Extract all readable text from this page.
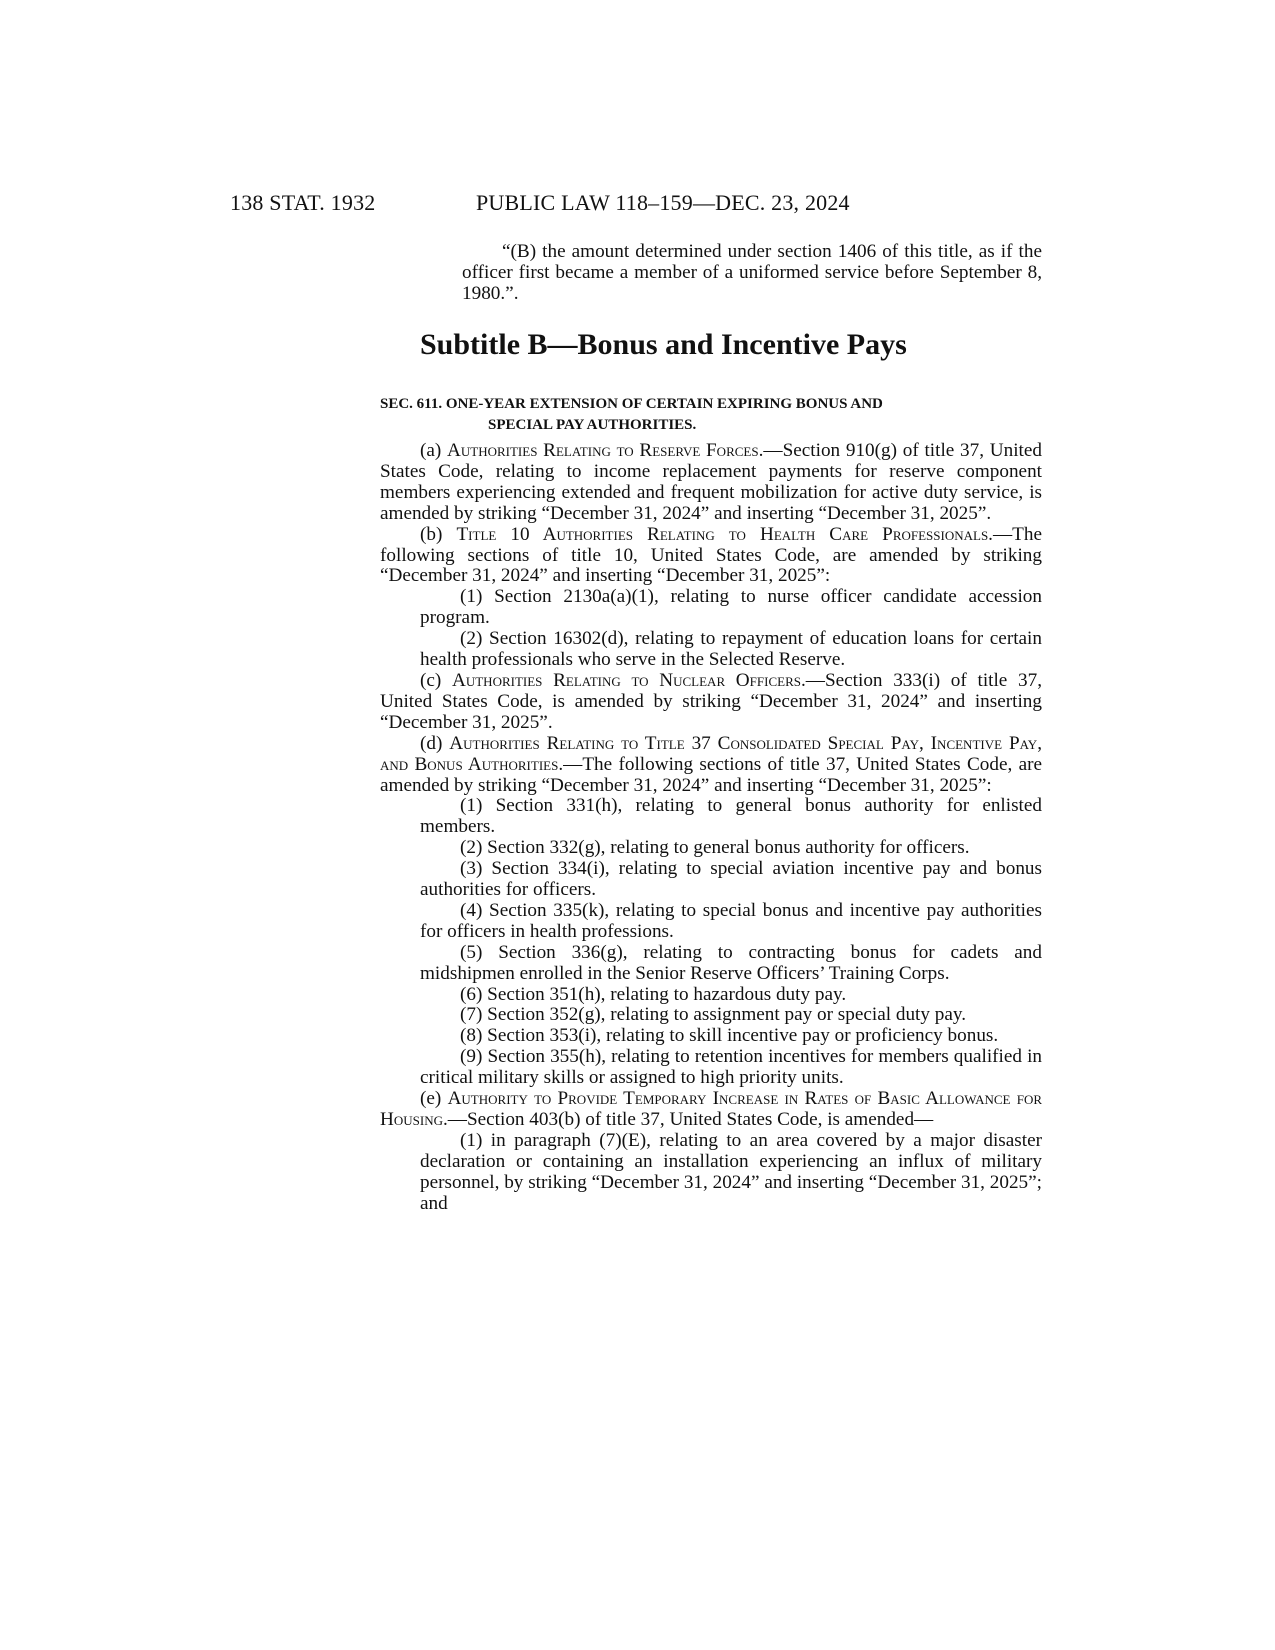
138 STAT. 1932	PUBLIC LAW 118–159—DEC. 23, 2024

“(B) the amount determined under section 1406 of this title, as if the officer first became a member of a uniformed service before September 8, 1980.”.

Subtitle B—Bonus and Incentive Pays
SEC. 611. ONE-YEAR EXTENSION OF CERTAIN EXPIRING BONUS AND
SPECIAL PAY AUTHORITIES.

(a) Authorities Relating to Reserve Forces.—Section 910(g) of title 37, United States Code, relating to income replacement payments for reserve component members experiencing extended and frequent mobilization for active duty service, is amended by striking “December 31, 2024” and inserting “December 31, 2025”.

(b) Title 10 Authorities Relating to Health Care Professionals.—The following sections of title 10, United States Code, are amended by striking “December 31, 2024” and inserting “December 31, 2025”:

(1) Section 2130a(a)(1), relating to nurse officer candidate accession program.

(2) Section 16302(d), relating to repayment of education loans for certain health professionals who serve in the Selected Reserve.

(c) Authorities Relating to Nuclear Officers.—Section 333(i) of title 37, United States Code, is amended by striking “December 31, 2024” and inserting “December 31, 2025”.

(d) Authorities Relating to Title 37 Consolidated Special Pay, Incentive Pay, and Bonus Authorities.—The following sections of title 37, United States Code, are amended by striking “December 31, 2024” and inserting “December 31, 2025”:

(1) Section 331(h), relating to general bonus authority for enlisted members.

(2) Section 332(g), relating to general bonus authority for officers.

(3) Section 334(i), relating to special aviation incentive pay and bonus authorities for officers.

(4) Section 335(k), relating to special bonus and incentive pay authorities for officers in health professions.

(5) Section 336(g), relating to contracting bonus for cadets and midshipmen enrolled in the Senior Reserve Officers’ Training Corps.

(6) Section 351(h), relating to hazardous duty pay.

(7) Section 352(g), relating to assignment pay or special duty pay.

(8) Section 353(i), relating to skill incentive pay or proficiency bonus.

(9) Section 355(h), relating to retention incentives for members qualified in critical military skills or assigned to high priority units.

(e) Authority to Provide Temporary Increase in Rates of Basic Allowance for Housing.—Section 403(b) of title 37, United States Code, is amended—

(1) in paragraph (7)(E), relating to an area covered by a major disaster declaration or containing an installation experiencing an influx of military personnel, by striking “December 31, 2024” and inserting “December 31, 2025”; and
